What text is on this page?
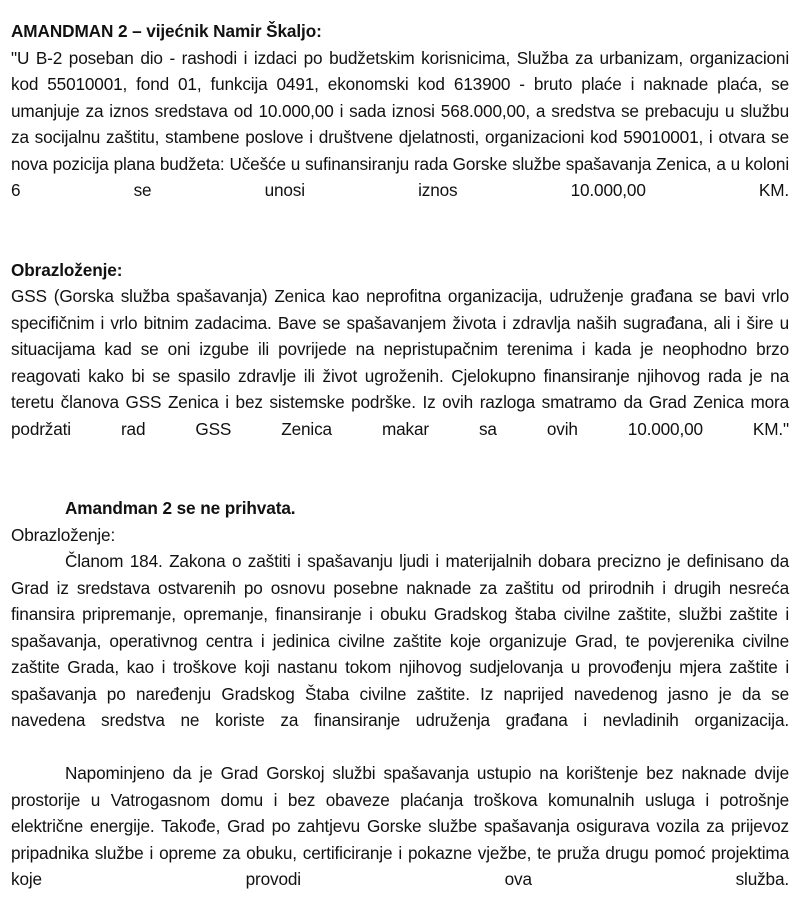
AMANDMAN 2 – vijećnik Namir Škaljo:
"U B-2 poseban dio - rashodi i izdaci po budžetskim korisnicima, Služba za urbanizam, organizacioni kod 55010001, fond 01, funkcija 0491, ekonomski kod 613900 - bruto plaće i naknade plaća, se umanjuje za iznos sredstava od 10.000,00 i sada iznosi 568.000,00, a sredstva se prebacuju u službu za socijalnu zaštitu, stambene poslove i društvene djelatnosti, organizacioni kod 59010001, i otvara se nova pozicija plana budžeta: Učešće u sufinansiranju rada Gorske službe spašavanja Zenica, a u koloni 6 se unosi iznos 10.000,00 KM.
Obrazloženje:
GSS (Gorska služba spašavanja) Zenica kao neprofitna organizacija, udruženje građana se bavi vrlo specifičnim i vrlo bitnim zadacima. Bave se spašavanjem života i zdravlja naših sugrađana, ali i šire u situacijama kad se oni izgube ili povrijede na nepristupačnim terenima i kada je neophodno brzo reagovati kako bi se spasilo zdravlje ili život ugroženih. Cjelokupno finansiranje njihovog rada je na teretu članova GSS Zenica i bez sistemske podrške. Iz ovih razloga smatramo da Grad Zenica mora podržati rad GSS Zenica makar sa ovih 10.000,00 KM."
Amandman 2 se ne prihvata.
Obrazloženje:
Članom 184. Zakona o zaštiti i spašavanju ljudi i materijalnih dobara precizno je definisano da Grad iz sredstava ostvarenih po osnovu posebne naknade za zaštitu od prirodnih i drugih nesreća finansira pripremanje, opremanje, finansiranje i obuku Gradskog štaba civilne zaštite, službi zaštite i spašavanja, operativnog centra i jedinica civilne zaštite koje organizuje Grad, te povjerenika civilne zaštite Grada, kao i troškove koji nastanu tokom njihovog sudjelovanja u provođenju mjera zaštite i spašavanja po naređenju Gradskog Štaba civilne zaštite. Iz naprijed navedenog jasno je da se navedena sredstva ne koriste za finansiranje udruženja građana i nevladinih organizacija.
Napominjeno da je Grad Gorskoj službi spašavanja ustupio na korištenje bez naknade dvije prostorije u Vatrogasnom domu i bez obaveze plaćanja troškova komunalnih usluga i potrošnje električne energije. Takođe, Grad po zahtjevu Gorske službe spašavanja osigurava vozila za prijevoz pripadnika službe i opreme za obuku, certificiranje i pokazne vježbe, te pruža drugu pomoć projektima koje provodi ova služba.
